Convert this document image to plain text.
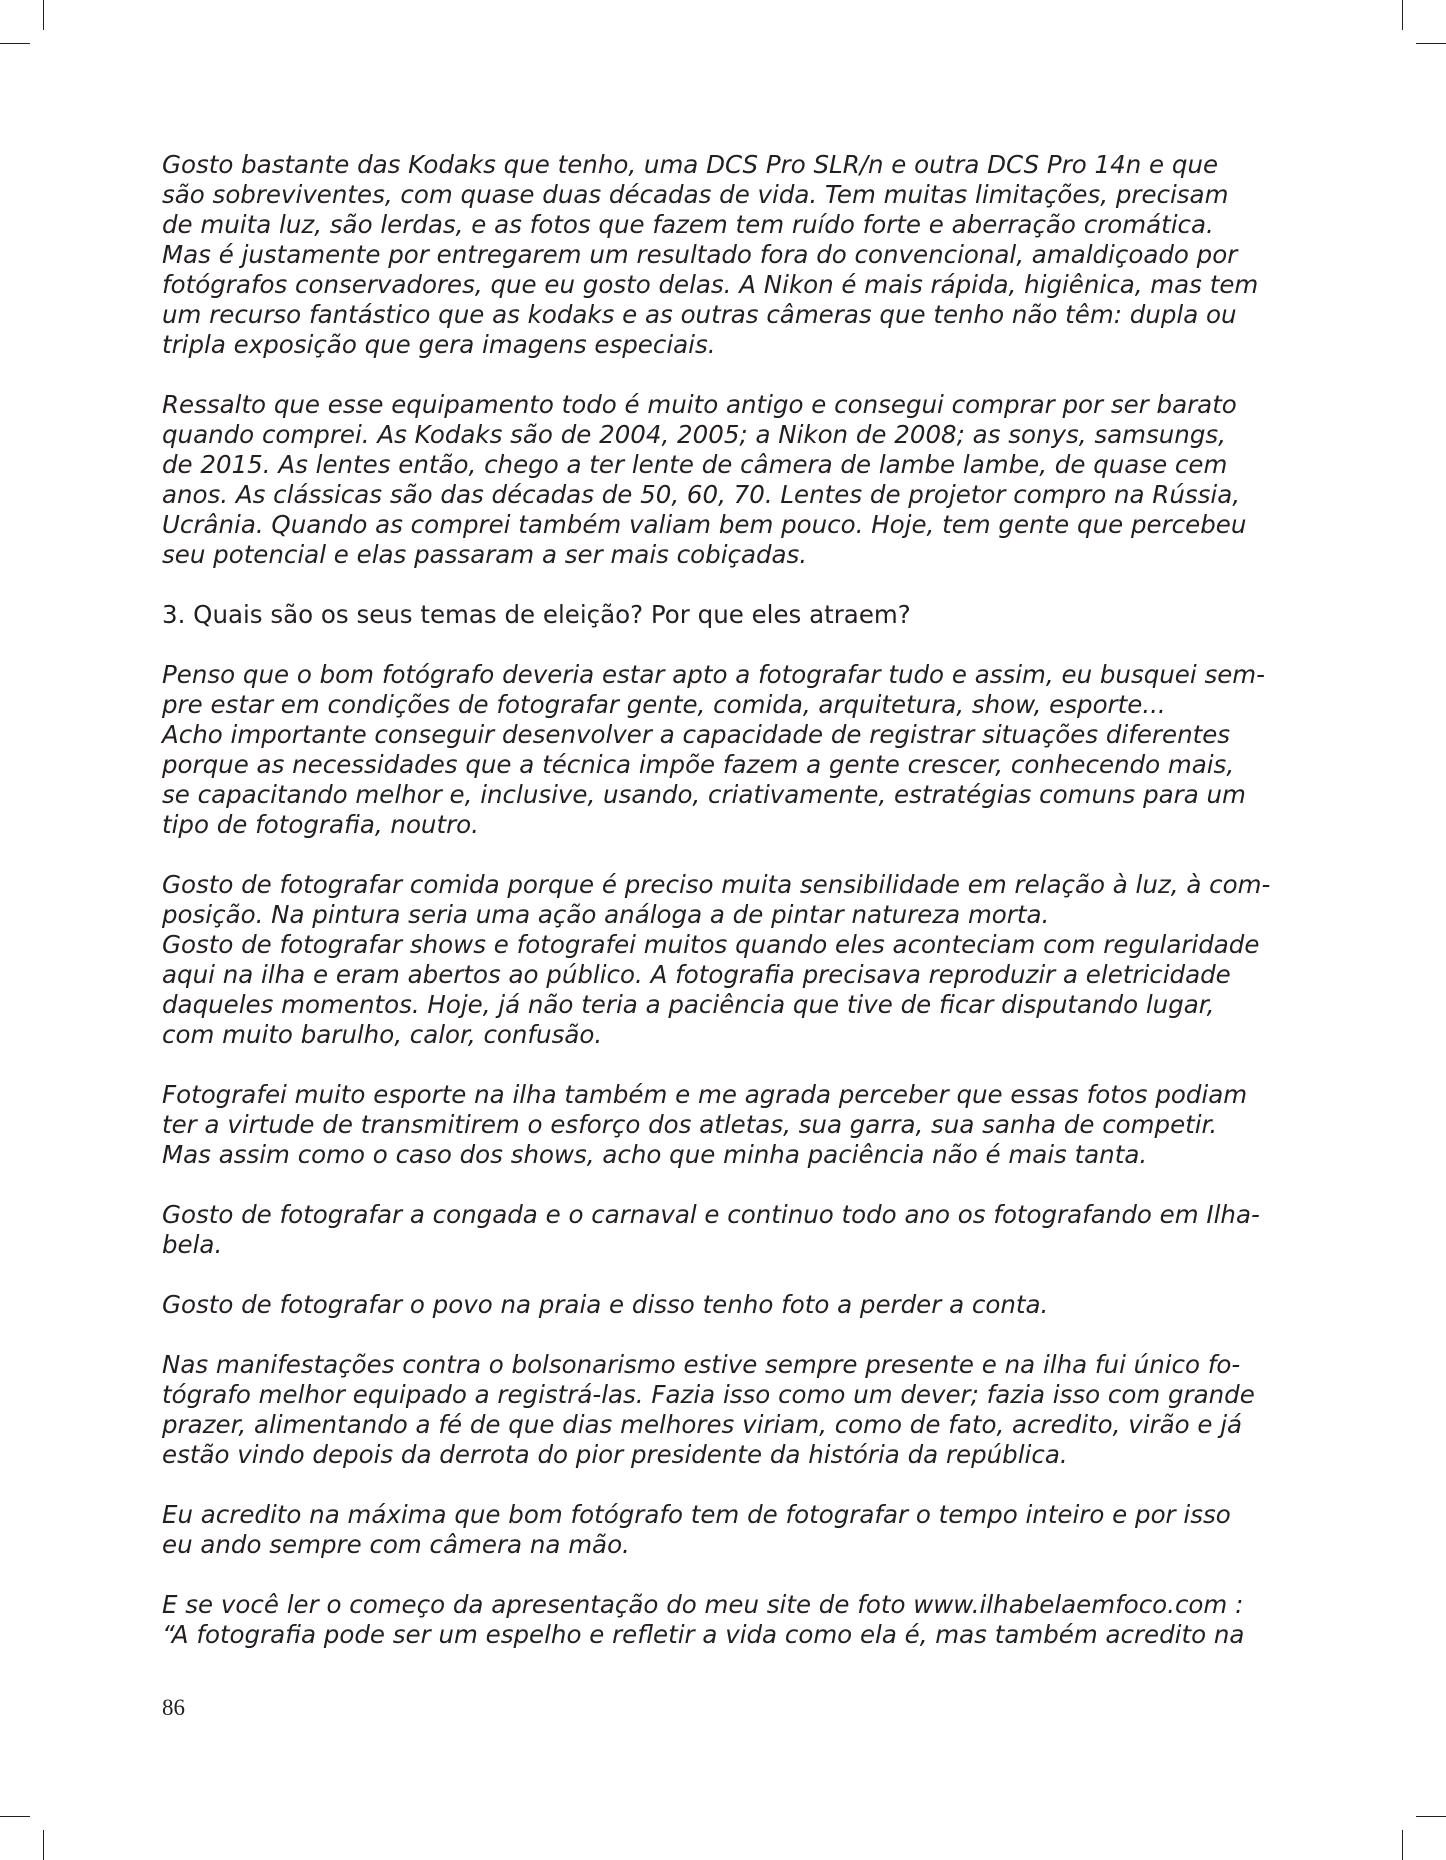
Gosto bastante das Kodaks que tenho, uma DCS Pro SLR/n e outra DCS Pro 14n e que

são sobreviventes, com quase duas décadas de vida. Tem muitas limitações, precisam

de muita luz, são lerdas, e as fotos que fazem tem ruído forte e aberração cromática.

Mas é justamente por entregarem um resultado fora do convencional, amaldiçoado por

fotógrafos conservadores, que eu gosto delas. A Nikon é mais rápida, higiênica, mas tem

um recurso fantástico que as kodaks e as outras câmeras que tenho não têm: dupla ou

tripla exposição que gera imagens especiais.

Ressalto que esse equipamento todo é muito antigo e consegui comprar por ser barato

quando comprei. As Kodaks são de 2004, 2005; a Nikon de 2008; as sonys, samsungs,

de 2015. As lentes então, chego a ter lente de câmera de lambe lambe, de quase cem

anos. As clássicas são das décadas de 50, 60, 70. Lentes de projetor compro na Rússia,

Ucrânia. Quando as comprei também valiam bem pouco. Hoje, tem gente que percebeu

seu potencial e elas passaram a ser mais cobiçadas.

3. Quais são os seus temas de eleição? Por que eles atraem?

Penso que o bom fotógrafo deveria estar apto a fotografar tudo e assim, eu busquei sem-

pre estar em condições de fotografar gente, comida, arquitetura, show, esporte...

Acho importante conseguir desenvolver a capacidade de registrar situações diferentes

porque as necessidades que a técnica impõe fazem a gente crescer, conhecendo mais,

se capacitando melhor e, inclusive, usando, criativamente, estratégias comuns para um

tipo de fotografia, noutro.

Gosto de fotografar comida porque é preciso muita sensibilidade em relação à luz, à com-

posição. Na pintura seria uma ação análoga a de pintar natureza morta.

Gosto de fotografar shows e fotografei muitos quando eles aconteciam com regularidade

aqui na ilha e eram abertos ao público. A fotografia precisava reproduzir a eletricidade

daqueles momentos. Hoje, já não teria a paciência que tive de ficar disputando lugar,

com muito barulho, calor, confusão.

Fotografei muito esporte na ilha também e me agrada perceber que essas fotos podiam

ter a virtude de transmitirem o esforço dos atletas, sua garra, sua sanha de competir.

Mas assim como o caso dos shows, acho que minha paciência não é mais tanta.

Gosto de fotografar a congada e o carnaval e continuo todo ano os fotografando em Ilha-

bela.

Gosto de fotografar o povo na praia e disso tenho foto a perder a conta.

Nas manifestações contra o bolsonarismo estive sempre presente e na ilha fui único fo-

tógrafo melhor equipado a registrá-las. Fazia isso como um dever; fazia isso com grande

prazer, alimentando a fé de que dias melhores viriam, como de fato, acredito, virão e já

estão vindo depois da derrota do pior presidente da história da república.

Eu acredito na máxima que bom fotógrafo tem de fotografar o tempo inteiro e por isso

eu ando sempre com câmera na mão.

E se você ler o começo da apresentação do meu site de foto www.ilhabelaemfoco.com :

“A fotografia pode ser um espelho e refletir a vida como ela é, mas também acredito na

86
